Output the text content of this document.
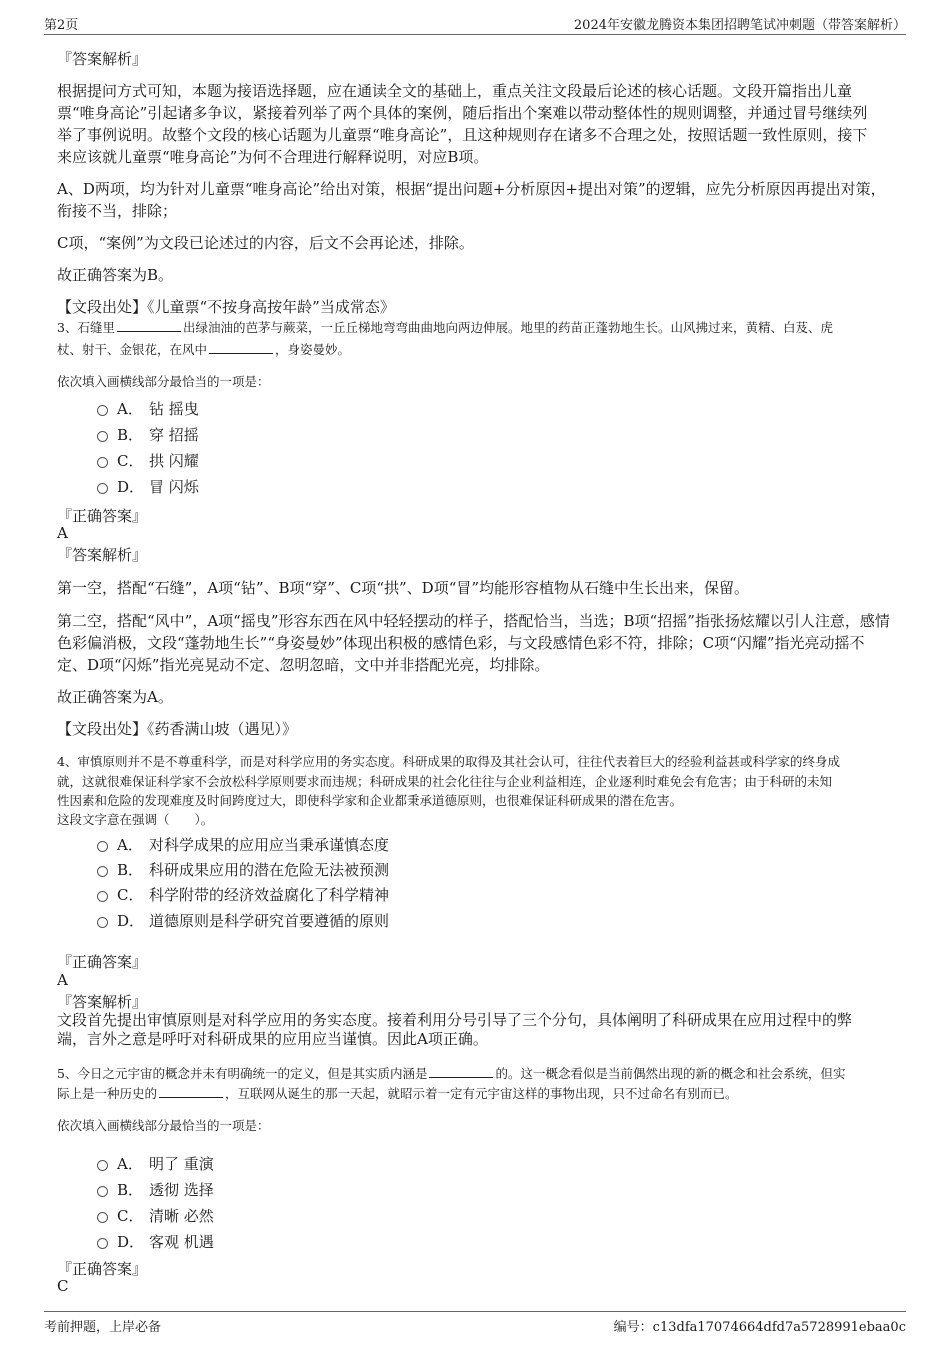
第2页	2024年安徽龙腾资本集团招聘笔试冲刺题（带答案解析）

『答案解析』

根据提问方式可知，本题为接语选择题，应在通读全文的基础上，重点关注文段最后论述的核心话题。文段开篇指出儿童

票“唯身高论”引起诸多争议，紧接着列举了两个具体的案例，随后指出个案难以带动整体性的规则调整，并通过冒号继续列

举了事例说明。故整个文段的核心话题为儿童票“唯身高论”，且这种规则存在诸多不合理之处，按照话题一致性原则，接下

来应该就儿童票“唯身高论”为何不合理进行解释说明，对应B项。

A、D两项，均为针对儿童票“唯身高论”给出对策，根据“提出问题+分析原因+提出对策”的逻辑，应先分析原因再提出对策，

衔接不当，排除；

C项，“案例”为文段已论述过的内容，后文不会再论述，排除。

故正确答案为B。

【文段出处】《儿童票“不按身高按年龄”当成常态》

3、石缝里	出绿油油的芭茅与蕨菜，一丘丘梯地弯弯曲曲地向两边伸展。地里的药苗正蓬勃地生长。山风拂过来，黄精、白芨、虎

杖、射干、金银花，在风中	，身姿曼妙。

依次填入画横线部分最恰当的一项是：

A． 钻 摇曳
B． 穿 招摇
C． 拱 闪耀
D． 冒 闪烁

『正确答案』

A

『答案解析』

第一空，搭配“石缝”，A项“钻”、B项“穿”、C项“拱”、D项“冒”均能形容植物从石缝中生长出来，保留。

第二空，搭配“风中”，A项“摇曳”形容东西在风中轻轻摆动的样子，搭配恰当，当选；B项“招摇”指张扬炫耀以引人注意，感情

色彩偏消极，文段“蓬勃地生长”“身姿曼妙”体现出积极的感情色彩，与文段感情色彩不符，排除；C项“闪耀”指光亮动摇不

定、D项“闪烁”指光亮晃动不定、忽明忽暗，文中并非搭配光亮，均排除。

故正确答案为A。

【文段出处】《药香满山坡（遇见）》

4、审慎原则并不是不尊重科学，而是对科学应用的务实态度。科研成果的取得及其社会认可，往往代表着巨大的经验利益甚或科学家的终身成

就，这就很难保证科学家不会放松科学原则要求而违规；科研成果的社会化往往与企业利益相连，企业逐利时难免会有危害；由于科研的未知

性因素和危险的发现难度及时间跨度过大，即使科学家和企业都秉承道德原则，也很难保证科研成果的潜在危害。

这段文字意在强调（　　）。

A． 对科学成果的应用应当秉承谨慎态度
B． 科研成果应用的潜在危险无法被预测
C． 科学附带的经济效益腐化了科学精神
D． 道德原则是科学研究首要遵循的原则

『正确答案』

A

『答案解析』

文段首先提出审慎原则是对科学应用的务实态度。接着利用分号引导了三个分句，具体阐明了科研成果在应用过程中的弊

端，言外之意是呼吁对科研成果的应用应当谨慎。因此A项正确。

5、今日之元宇宙的概念并未有明确统一的定义，但是其实质内涵是	的。这一概念看似是当前偶然出现的新的概念和社会系统，但实

际上是一种历史的	，互联网从诞生的那一天起，就昭示着一定有元宇宙这样的事物出现，只不过命名有别而已。

依次填入画横线部分最恰当的一项是：

A． 明了 重演
B． 透彻 选择
C． 清晰 必然
D． 客观 机遇

『正确答案』

C

考前押题，上岸必备	编号：c13dfa17074664dfd7a5728991ebaa0c
